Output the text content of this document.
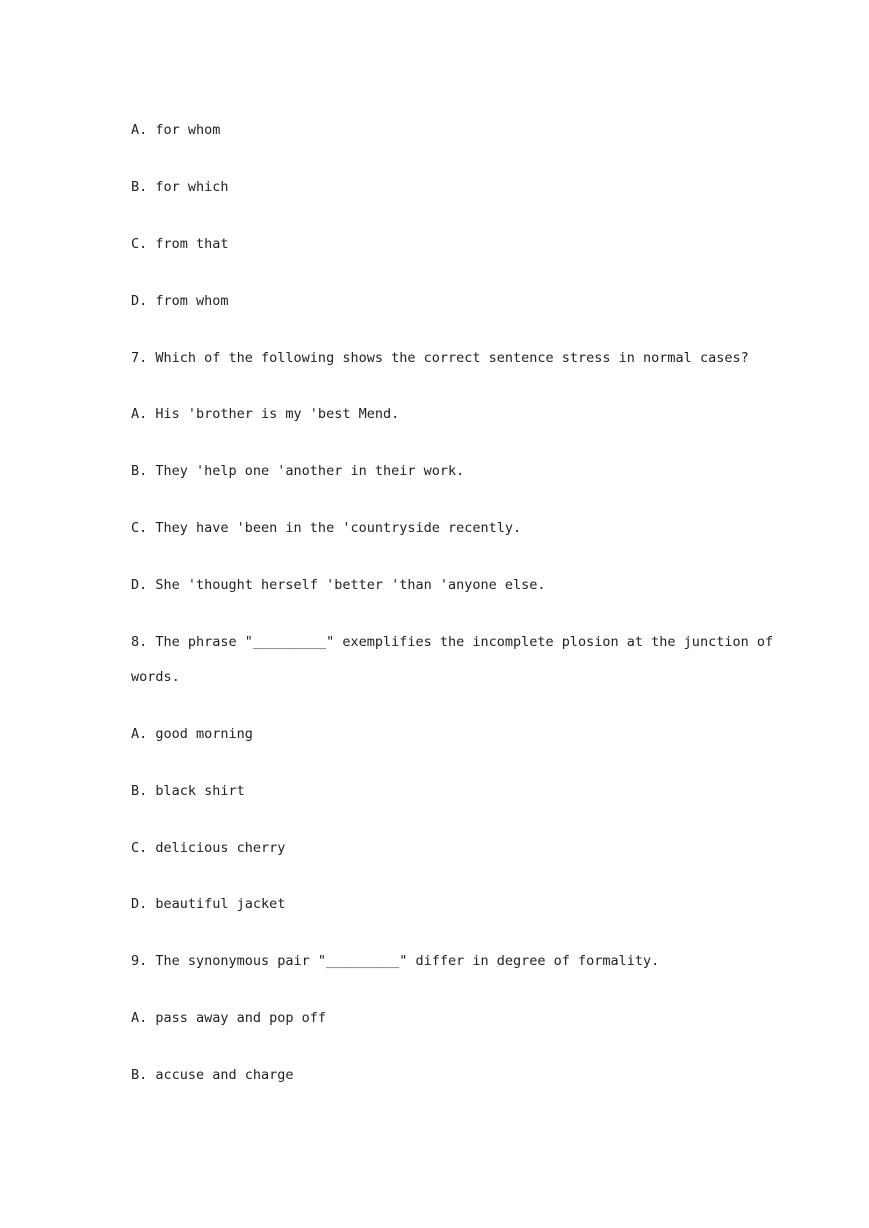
A. for whom
B. for which
C. from that
D. from whom
7. Which of the following shows the correct sentence stress in normal cases?
A. His 'brother is my 'best Mend.
B. They 'help one 'another in their work.
C. They have 'been in the 'countryside recently.
D. She 'thought herself 'better 'than 'anyone else.
8. The phrase "_________" exemplifies the incomplete plosion at the junction of
words.
A. good morning
B. black shirt
C. delicious cherry
D. beautiful jacket
9. The synonymous pair "_________" differ in degree of formality.
A. pass away and pop off
B. accuse and charge
